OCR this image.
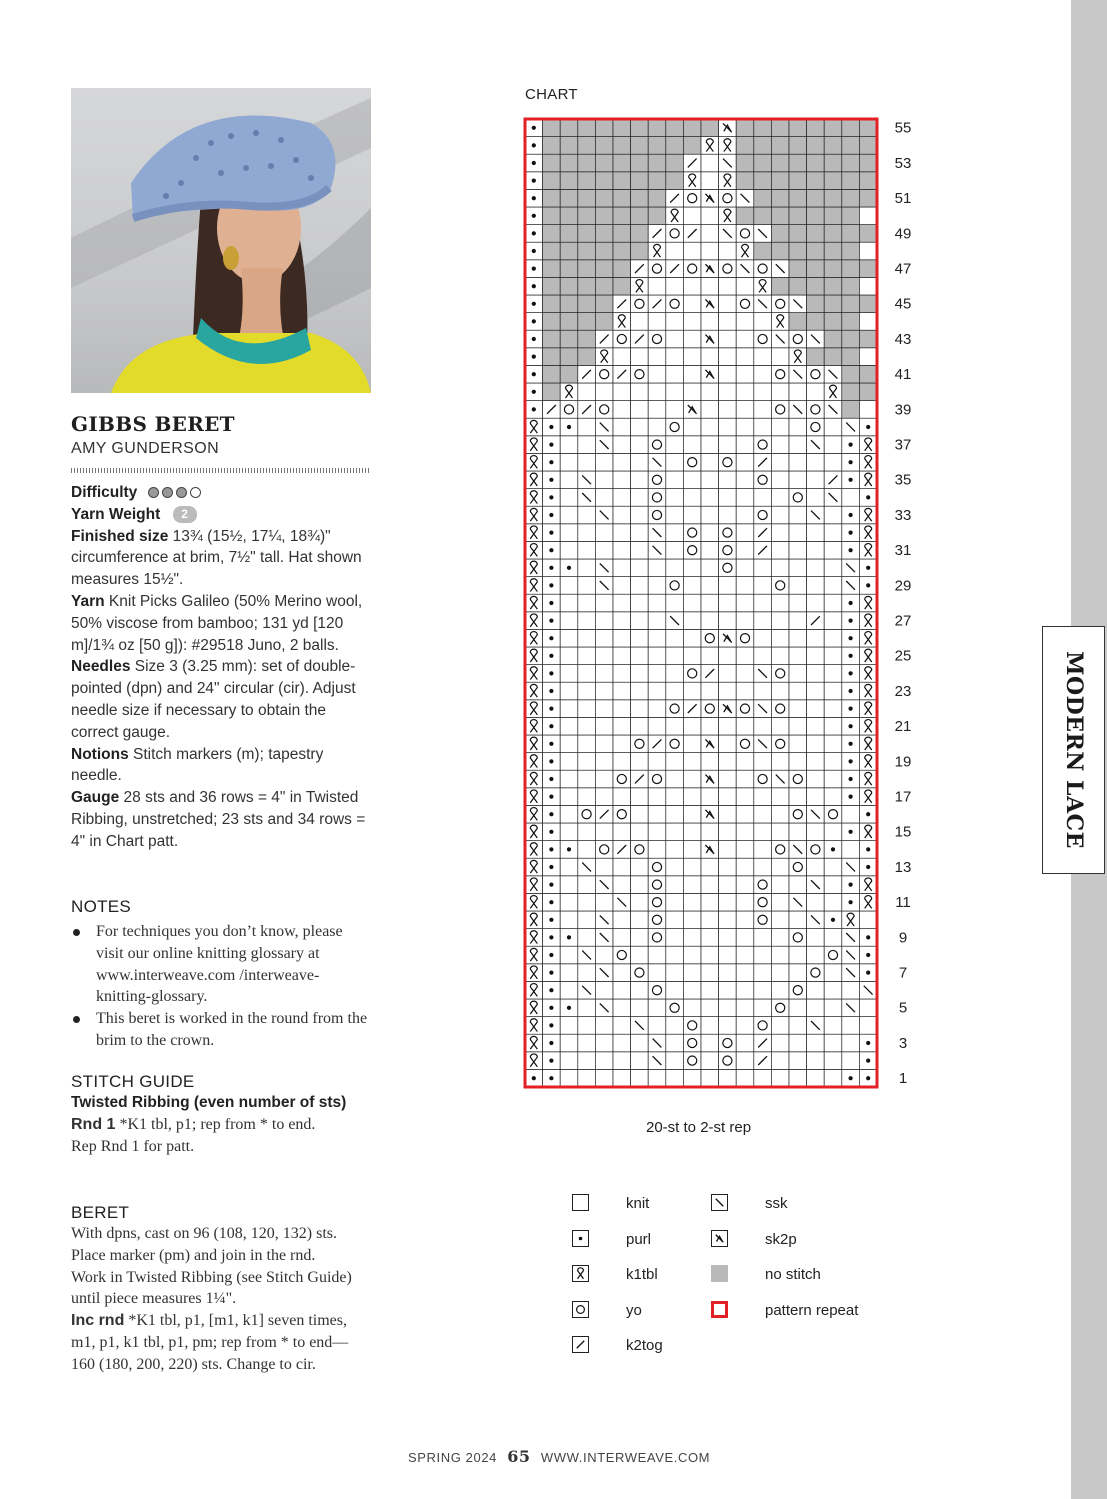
MODERN LACE
GIBBS BERET
AMY GUNDERSON
Difficulty
Yarn Weight 2
Finished size 13¾ (15½, 17¼, 18¾)" circumference at brim, 7½" tall. Hat shown measures 15½".
Yarn Knit Picks Galileo (50% Merino wool, 50% viscose from bamboo; 131 yd [120 m]/1¾ oz [50 g]): #29518 Juno, 2 balls.
Needles Size 3 (3.25 mm): set of double-pointed (dpn) and 24" circular (cir). Adjust needle size if necessary to obtain the correct gauge.
Notions Stitch markers (m); tapestry needle.
Gauge 28 sts and 36 rows = 4" in Twisted Ribbing, unstretched; 23 sts and 34 rows = 4" in Chart patt.
NOTES
For techniques you don’t know, please visit our online knitting glossary at www.interweave.com /interweave-knitting-glossary.
This beret is worked in the round from the brim to the crown.
STITCH GUIDE
Twisted Ribbing (even number of sts)
Rnd 1 *K1 tbl, p1; rep from * to end.
Rep Rnd 1 for patt.
BERET
With dpns, cast on 96 (108, 120, 132) sts. Place marker (pm) and join in the rnd.
Work in Twisted Ribbing (see Stitch Guide) until piece measures 1¼".
Inc rnd *K1 tbl, p1, [m1, k1] seven times, m1, p1, k1 tbl, p1, pm; rep from * to end—160 (180, 200, 220) sts. Change to cir.
CHART
1
3
5
7
9
11
13
15
17
19
21
23
25
27
29
31
33
35
37
39
41
43
45
47
49
51
53
55
20-st to 2-st rep
knit
purl
k1tbl
yo
k2tog
ssk
sk2p
no stitch
pattern repeat
SPRING 2024 65 WWW.INTERWEAVE.COM
